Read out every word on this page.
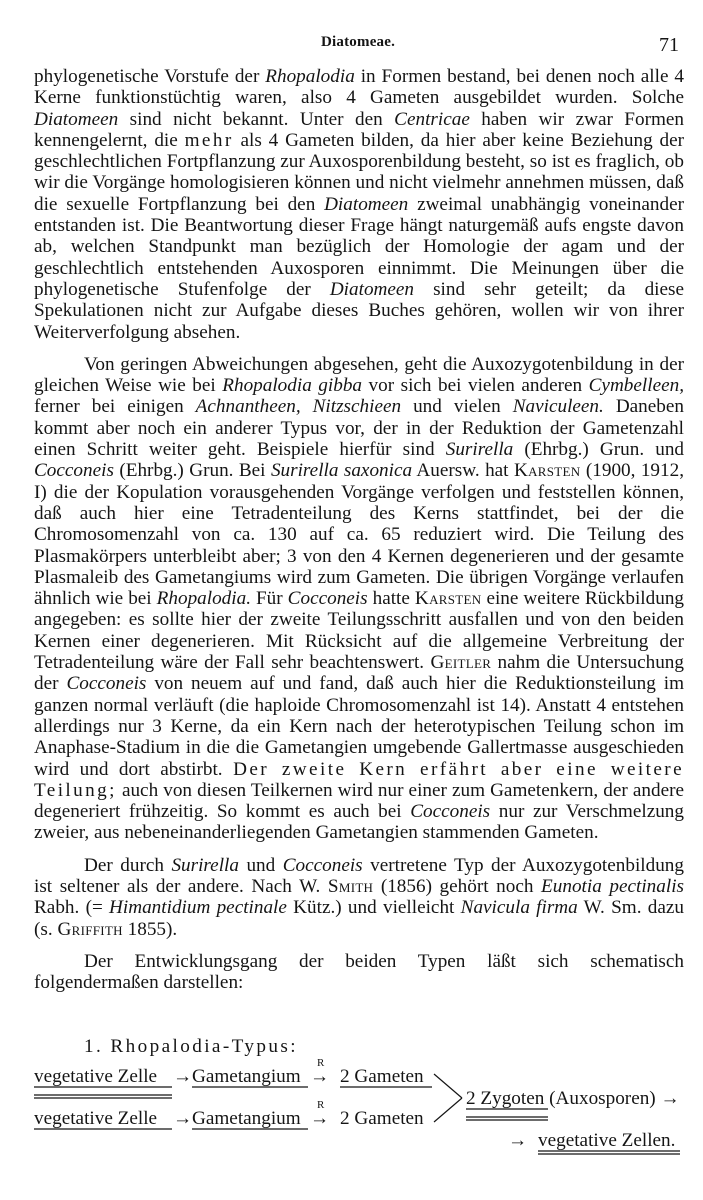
Diatomeae.	71

phylogenetische Vorstufe der Rhopalodia in Formen bestand, bei denen noch alle 4 Kerne funktionstüchtig waren, also 4 Gameten ausgebildet wurden. Solche Diatomeen sind nicht bekannt. Unter den Centricae haben wir zwar Formen kennengelernt, die mehr als 4 Gameten bilden, da hier aber keine Beziehung der geschlechtlichen Fortpflanzung zur Auxosporenbildung besteht, so ist es fraglich, ob wir die Vorgänge homologisieren können und nicht vielmehr annehmen müssen, daß die sexuelle Fortpflanzung bei den Diatomeen zweimal unabhängig voneinander entstanden ist. Die Beantwortung dieser Frage hängt naturgemäß aufs engste davon ab, welchen Standpunkt man bezüglich der Homologie der agam und der geschlechtlich entstehenden Auxosporen einnimmt. Die Meinungen über die phylogenetische Stufenfolge der Diatomeen sind sehr geteilt; da diese Spekulationen nicht zur Aufgabe dieses Buches gehören, wollen wir von ihrer Weiterverfolgung absehen.

Von geringen Abweichungen abgesehen, geht die Auxozygotenbildung in der gleichen Weise wie bei Rhopalodia gibba vor sich bei vielen anderen Cymbelleen, ferner bei einigen Achnantheen, Nitzschieen und vielen Naviculeen. Daneben kommt aber noch ein anderer Typus vor, der in der Reduktion der Gametenzahl einen Schritt weiter geht. Beispiele hierfür sind Surirella (Ehrbg.) Grun. und Cocconeis (Ehrbg.) Grun. Bei Surirella saxonica Auersw. hat Karsten (1900, 1912, I) die der Kopulation vorausgehenden Vorgänge verfolgen und feststellen können, daß auch hier eine Tetradenteilung des Kerns stattfindet, bei der die Chromosomenzahl von ca. 130 auf ca. 65 reduziert wird. Die Teilung des Plasmakörpers unterbleibt aber; 3 von den 4 Kernen degenerieren und der gesamte Plasmaleib des Gametangiums wird zum Gameten. Die übrigen Vorgänge verlaufen ähnlich wie bei Rhopalodia. Für Cocconeis hatte Karsten eine weitere Rückbildung angegeben: es sollte hier der zweite Teilungsschritt ausfallen und von den beiden Kernen einer degenerieren. Mit Rücksicht auf die allgemeine Verbreitung der Tetradenteilung wäre der Fall sehr beachtenswert. Geitler nahm die Untersuchung der Cocconeis von neuem auf und fand, daß auch hier die Reduktionsteilung im ganzen normal verläuft (die haploide Chromosomenzahl ist 14). Anstatt 4 entstehen allerdings nur 3 Kerne, da ein Kern nach der heterotypischen Teilung schon im Anaphase-Stadium in die die Gametangien umgebende Gallertmasse ausgeschieden wird und dort abstirbt. Der zweite Kern erfährt aber eine weitere Teilung; auch von diesen Teilkernen wird nur einer zum Gametenkern, der andere degeneriert frühzeitig. So kommt es auch bei Cocconeis nur zur Verschmelzung zweier, aus nebeneinanderliegenden Gametangien stammenden Gameten.

Der durch Surirella und Cocconeis vertretene Typ der Auxozygotenbildung ist seltener als der andere. Nach W. Smith (1856) gehört noch Eunotia pectinalis Rabh. (= Himantidium pectinale Kütz.) und vielleicht Navicula firma W. Sm. dazu (s. Griffith 1855).

Der Entwicklungsgang der beiden Typen läßt sich schematisch folgendermaßen darstellen:

1. Rhopalodia-Typus:
vegetative Zelle → Gametangium
R
→ 2 Gameten
2 Zygoten (Auxosporen) →
vegetative Zelle → Gametangium
R
→ 2 Gameten
→ vegetative Zellen.
